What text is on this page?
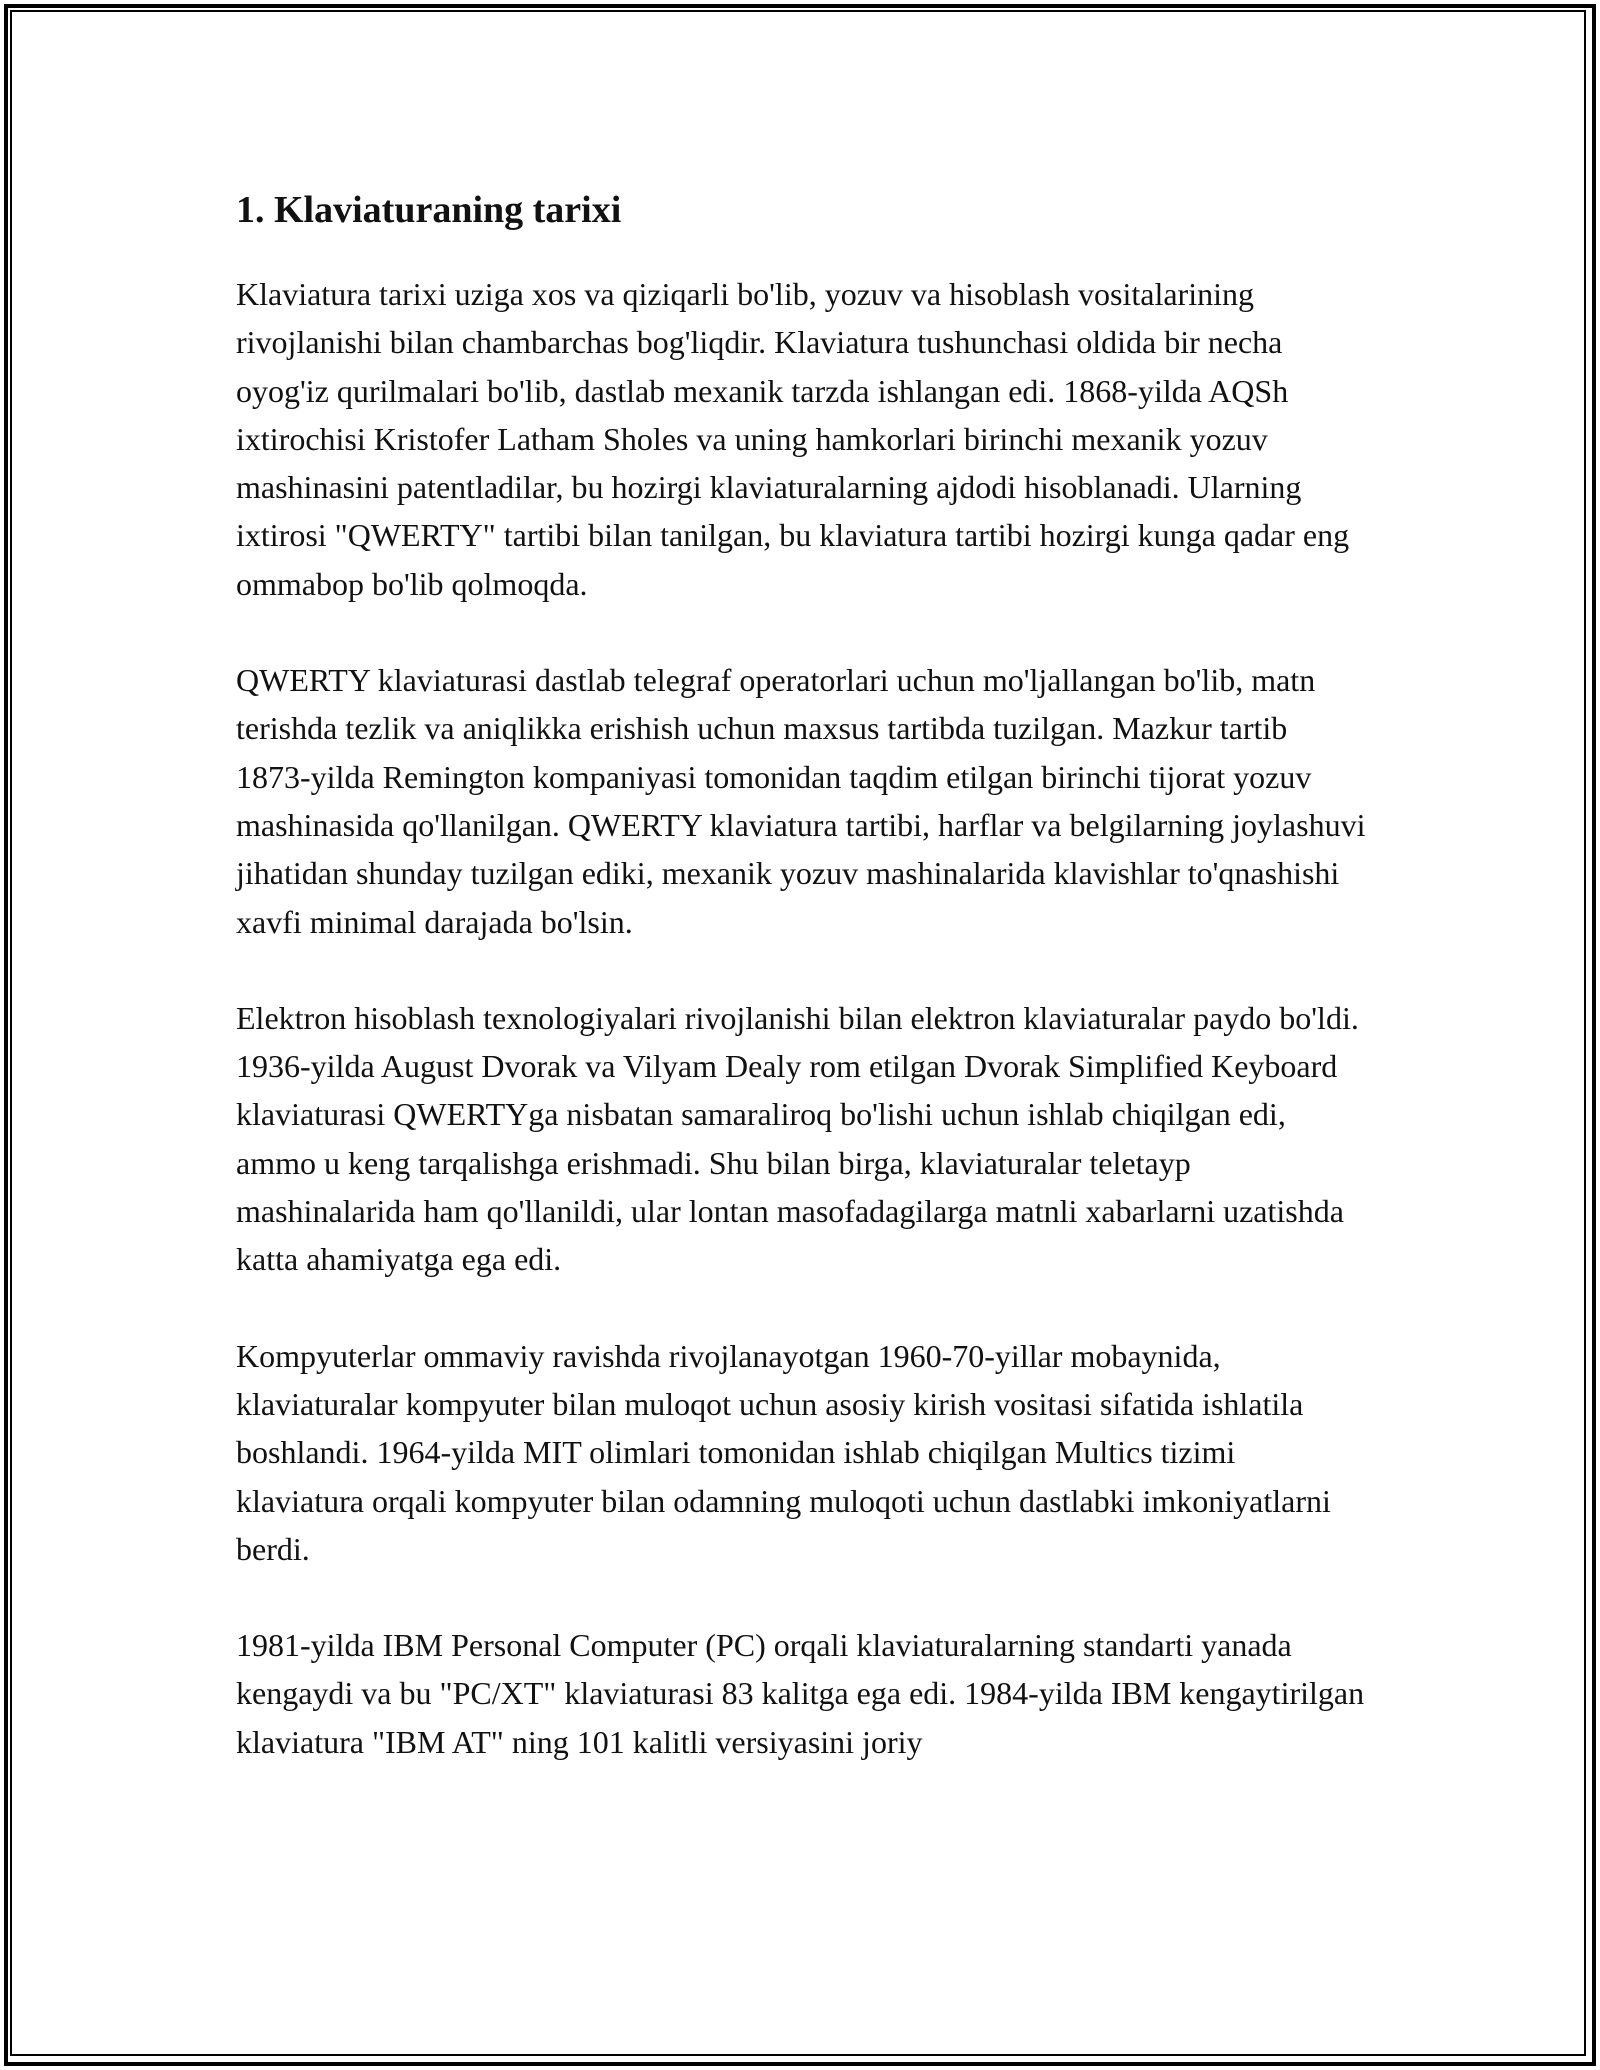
1. Klaviaturaning tarixi

Klaviatura tarixi uziga xos va qiziqarli bo'lib, yozuv va hisoblash vositalarining rivojlanishi bilan chambarchas bog'liqdir. Klaviatura tushunchasi oldida bir necha oyog'iz qurilmalari bo'lib, dastlab mexanik tarzda ishlangan edi. 1868-yilda AQSh ixtirochisi Kristofer Latham Sholes va uning hamkorlari birinchi mexanik yozuv mashinasini patentladilar, bu hozirgi klaviaturalarning ajdodi hisoblanadi. Ularning ixtirosi "QWERTY" tartibi bilan tanilgan, bu klaviatura tartibi hozirgi kunga qadar eng ommabop bo'lib qolmoqda.

QWERTY klaviaturasi dastlab telegraf operatorlari uchun mo'ljallangan bo'lib, matn terishda tezlik va aniqlikka erishish uchun maxsus tartibda tuzilgan. Mazkur tartib 1873-yilda Remington kompaniyasi tomonidan taqdim etilgan birinchi tijorat yozuv mashinasida qo'llanilgan. QWERTY klaviatura tartibi, harflar va belgilarning joylashuvi jihatidan shunday tuzilgan ediki, mexanik yozuv mashinalarida klavishlar to'qnashishi xavfi minimal darajada bo'lsin.

Elektron hisoblash texnologiyalari rivojlanishi bilan elektron klaviaturalar paydo bo'ldi. 1936-yilda August Dvorak va Vilyam Dealy rom etilgan Dvorak Simplified Keyboard klaviaturasi QWERTYga nisbatan samaraliroq bo'lishi uchun ishlab chiqilgan edi, ammo u keng tarqalishga erishmadi. Shu bilan birga, klaviaturalar teletayp mashinalarida ham qo'llanildi, ular lontan masofadagilarga matnli xabarlarni uzatishda katta ahamiyatga ega edi.

Kompyuterlar ommaviy ravishda rivojlanayotgan 1960-70-yillar mobaynida, klaviaturalar kompyuter bilan muloqot uchun asosiy kirish vositasi sifatida ishlatila boshlandi. 1964-yilda MIT olimlari tomonidan ishlab chiqilgan Multics tizimi klaviatura orqali kompyuter bilan odamning muloqoti uchun dastlabki imkoniyatlarni berdi.

1981-yilda IBM Personal Computer (PC) orqali klaviaturalarning standarti yanada kengaydi va bu "PC/XT" klaviaturasi 83 kalitga ega edi. 1984-yilda IBM kengaytirilgan klaviatura "IBM AT" ning 101 kalitli versiyasini joriy
